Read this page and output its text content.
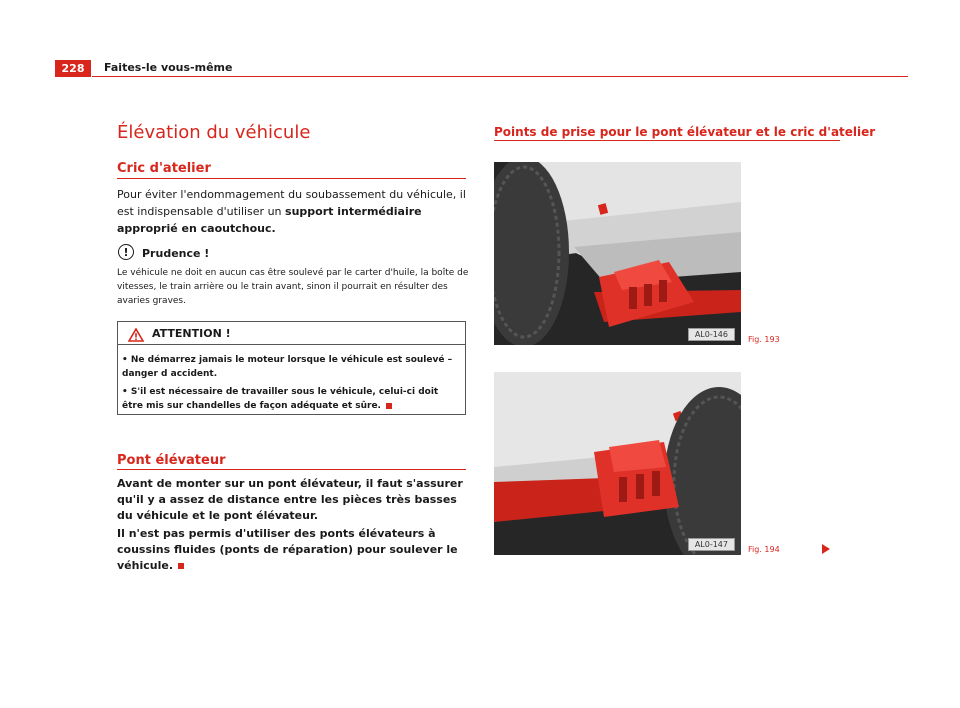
228	Faites-le vous-même
Élévation du véhicule
Cric d'atelier
Pour éviter l'endommagement du soubassement du véhicule, il est indispensable d'utiliser un support intermédiaire approprié en caoutchouc.
!	Prudence !
Le véhicule ne doit en aucun cas être soulevé par le carter d'huile, la boîte de vitesses, le train arrière ou le train avant, sinon il pourrait en résulter des avaries graves.
ATTENTION !
• Ne démarrez jamais le moteur lorsque le véhicule est soulevé – danger d accident.
• S'il est nécessaire de travailler sous le véhicule, celui-ci doit être mis sur chandelles de façon adéquate et sûre.
Pont élévateur
Avant de monter sur un pont élévateur, il faut s'assurer qu'il y a assez de distance entre les pièces très basses du véhicule et le pont élévateur.
Il n'est pas permis d'utiliser des ponts élévateurs à coussins fluides (ponts de réparation) pour soulever le véhicule.
Points de prise pour le pont élévateur et le cric d'atelier
AL0-146
Fig. 193
AL0-147
Fig. 194
